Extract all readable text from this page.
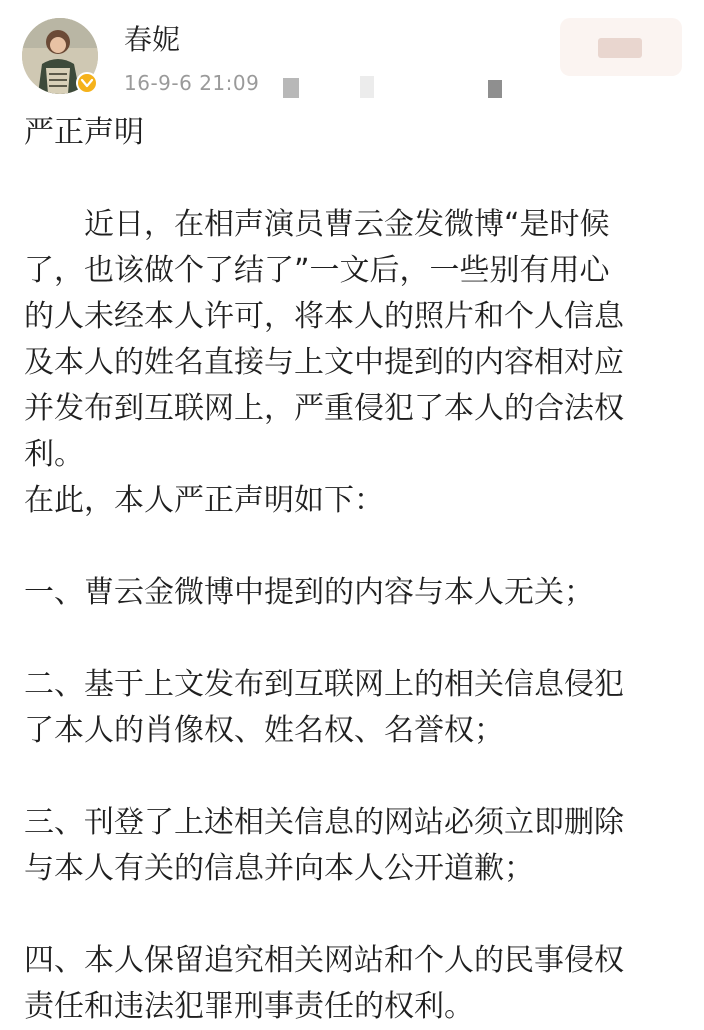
春妮
16-9-6 21:09
严正声明
　　近日，在相声演员曹云金发微博“是时候
了，也该做个了结了”一文后，一些别有用心
的人未经本人许可，将本人的照片和个人信息
及本人的姓名直接与上文中提到的内容相对应
并发布到互联网上，严重侵犯了本人的合法权
利。
在此，本人严正声明如下：
一、曹云金微博中提到的内容与本人无关；
二、基于上文发布到互联网上的相关信息侵犯
了本人的肖像权、姓名权、名誉权；
三、刊登了上述相关信息的网站必须立即删除
与本人有关的信息并向本人公开道歉；
四、本人保留追究相关网站和个人的民事侵权
责任和违法犯罪刑事责任的权利。
